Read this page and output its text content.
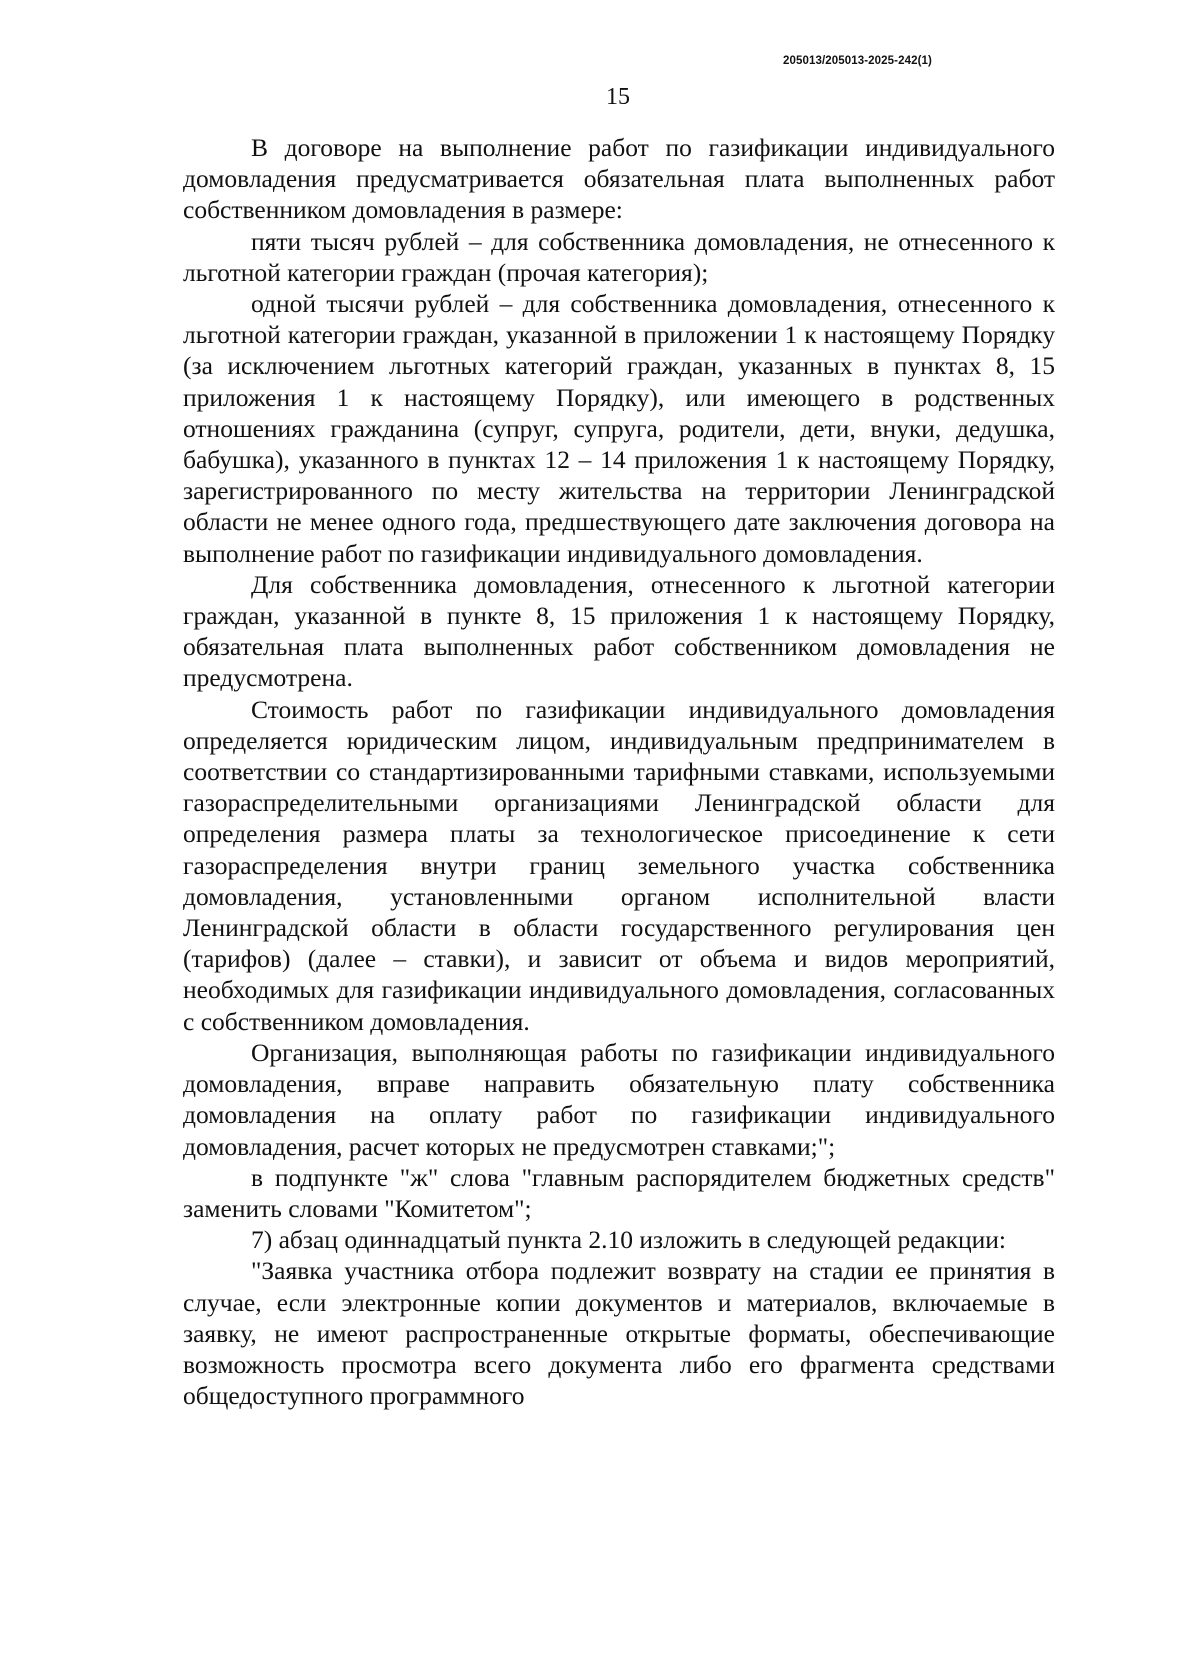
205013/205013-2025-242(1)
15

В договоре на выполнение работ по газификации индивидуального домовладения предусматривается обязательная плата выполненных работ собственником домовладения в размере:

пяти тысяч рублей – для собственника домовладения, не отнесенного к льготной категории граждан (прочая категория);

одной тысячи рублей – для собственника домовладения, отнесенного к льготной категории граждан, указанной в приложении 1 к настоящему Порядку (за исключением льготных категорий граждан, указанных в пунктах 8, 15 приложения 1 к настоящему Порядку), или имеющего в родственных отношениях гражданина (супруг, супруга, родители, дети, внуки, дедушка, бабушка), указанного в пунктах 12 – 14 приложения 1 к настоящему Порядку, зарегистрированного по месту жительства на территории Ленинградской области не менее одного года, предшествующего дате заключения договора на выполнение работ по газификации индивидуального домовладения.

Для собственника домовладения, отнесенного к льготной категории граждан, указанной в пункте 8, 15 приложения 1 к настоящему Порядку, обязательная плата выполненных работ собственником домовладения не предусмотрена.

Стоимость работ по газификации индивидуального домовладения определяется юридическим лицом, индивидуальным предпринимателем в соответствии со стандартизированными тарифными ставками, используемыми газораспределительными организациями Ленинградской области для определения размера платы за технологическое присоединение к сети газораспределения внутри границ земельного участка собственника домовладения, установленными органом исполнительной власти Ленинградской области в области государственного регулирования цен (тарифов) (далее – ставки), и зависит от объема и видов мероприятий, необходимых для газификации индивидуального домовладения, согласованных с собственником домовладения.

Организация, выполняющая работы по газификации индивидуального домовладения, вправе направить обязательную плату собственника домовладения на оплату работ по газификации индивидуального домовладения, расчет которых не предусмотрен ставками;";

в подпункте "ж" слова "главным распорядителем бюджетных средств" заменить словами "Комитетом";

7) абзац одиннадцатый пункта 2.10 изложить в следующей редакции:

"Заявка участника отбора подлежит возврату на стадии ее принятия в случае, если электронные копии документов и материалов, включаемые в заявку, не имеют распространенные открытые форматы, обеспечивающие возможность просмотра всего документа либо его фрагмента средствами общедоступного программного
